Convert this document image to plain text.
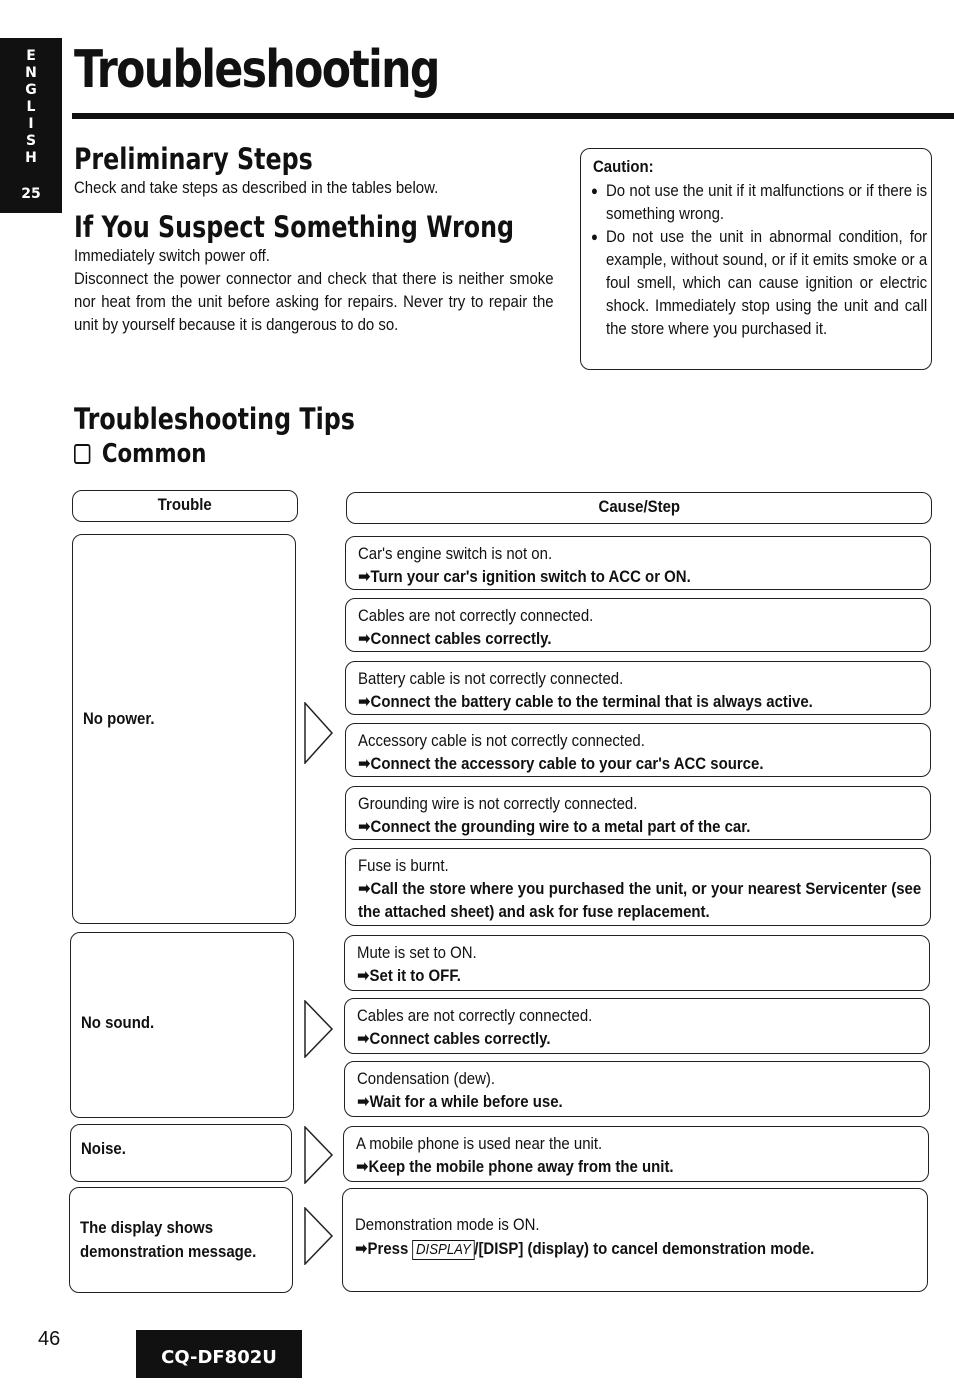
E
N
G
L
I
S
H
25
Troubleshooting
Preliminary Steps
Check and take steps as described in the tables below.
If You Suspect Something Wrong
Immediately switch power off.
Disconnect the power connector and check that there is neither smoke nor heat from the unit before asking for repairs. Never try to repair the unit by yourself because it is dangerous to do so.
Caution:
● Do not use the unit if it malfunctions or if there is something wrong.
● Do not use the unit in abnormal condition, for example, without sound, or if it emits smoke or a foul smell, which can cause ignition or electric shock. Immediately stop using the unit and call the store where you purchased it.
Troubleshooting Tips
Common
Trouble	Cause/Step
No power.
No sound.
Noise.
The display shows demonstration message.
Car's engine switch is not on.
➡Turn your car's ignition switch to ACC or ON.
Cables are not correctly connected.
➡Connect cables correctly.
Battery cable is not correctly connected.
➡Connect the battery cable to the terminal that is always active.
Accessory cable is not correctly connected.
➡Connect the accessory cable to your car's ACC source.
Grounding wire is not correctly connected.
➡Connect the grounding wire to a metal part of the car.
Fuse is burnt.
➡Call the store where you purchased the unit, or your nearest Servicenter (see the attached sheet) and ask for fuse replacement.
Mute is set to ON.
➡Set it to OFF.
Cables are not correctly connected.
➡Connect cables correctly.
Condensation (dew).
➡Wait for a while before use.
A mobile phone is used near the unit.
➡Keep the mobile phone away from the unit.
Demonstration mode is ON.
➡Press DISPLAY /[DISP] (display) to cancel demonstration mode.
46
CQ-DF802U
